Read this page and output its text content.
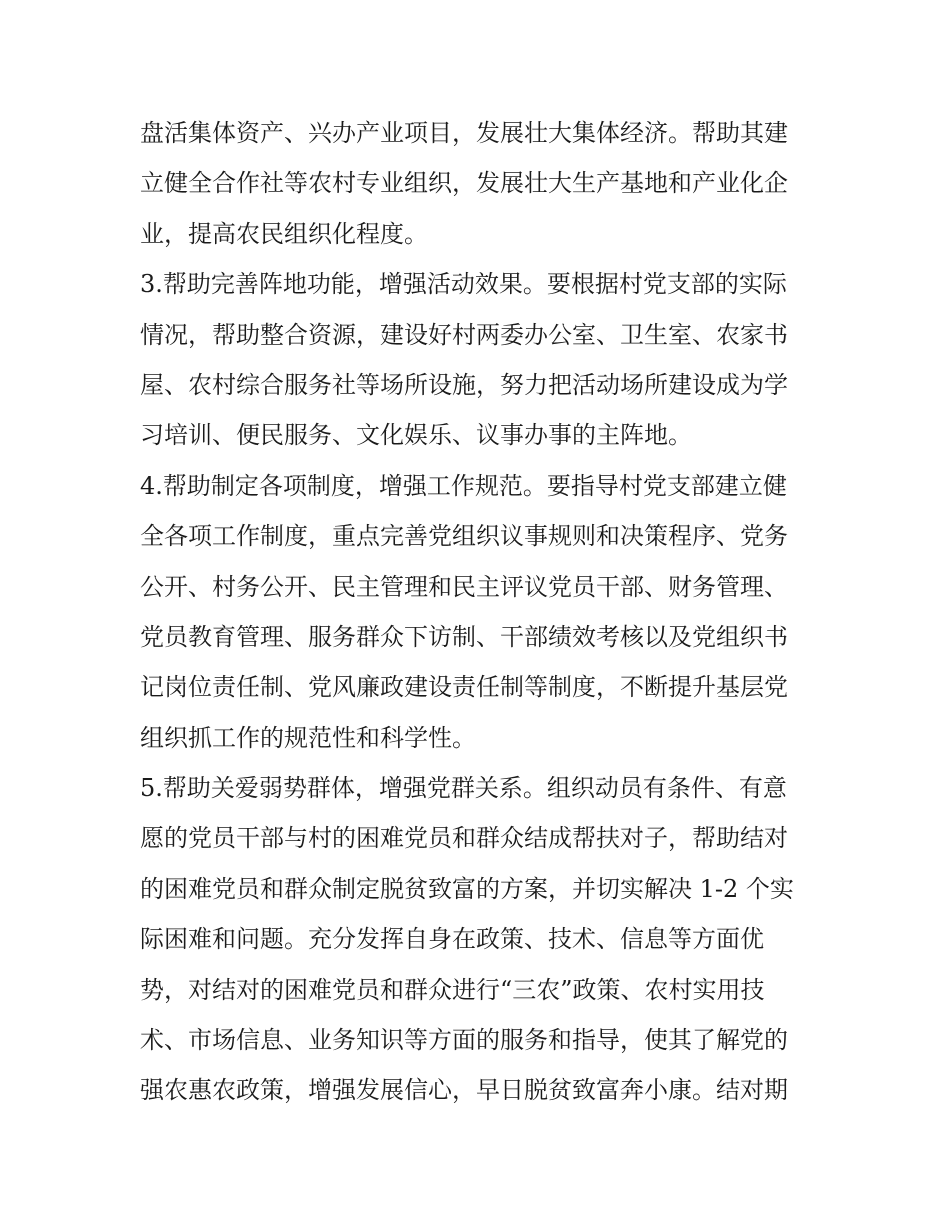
盘活集体资产、兴办产业项目，发展壮大集体经济。帮助其建
立健全合作社等农村专业组织，发展壮大生产基地和产业化企
业，提高农民组织化程度。
3.帮助完善阵地功能，增强活动效果。要根据村党支部的实际
情况，帮助整合资源，建设好村两委办公室、卫生室、农家书
屋、农村综合服务社等场所设施，努力把活动场所建设成为学
习培训、便民服务、文化娱乐、议事办事的主阵地。
4.帮助制定各项制度，增强工作规范。要指导村党支部建立健
全各项工作制度，重点完善党组织议事规则和决策程序、党务
公开、村务公开、民主管理和民主评议党员干部、财务管理、
党员教育管理、服务群众下访制、干部绩效考核以及党组织书
记岗位责任制、党风廉政建设责任制等制度，不断提升基层党
组织抓工作的规范性和科学性。
5.帮助关爱弱势群体，增强党群关系。组织动员有条件、有意
愿的党员干部与村的困难党员和群众结成帮扶对子，帮助结对
的困难党员和群众制定脱贫致富的方案，并切实解决 1-2 个实
际困难和问题。充分发挥自身在政策、技术、信息等方面优
势，对结对的困难党员和群众进行“三农”政策、农村实用技
术、市场信息、业务知识等方面的服务和指导，使其了解党的
强农惠农政策，增强发展信心，早日脱贫致富奔小康。结对期
